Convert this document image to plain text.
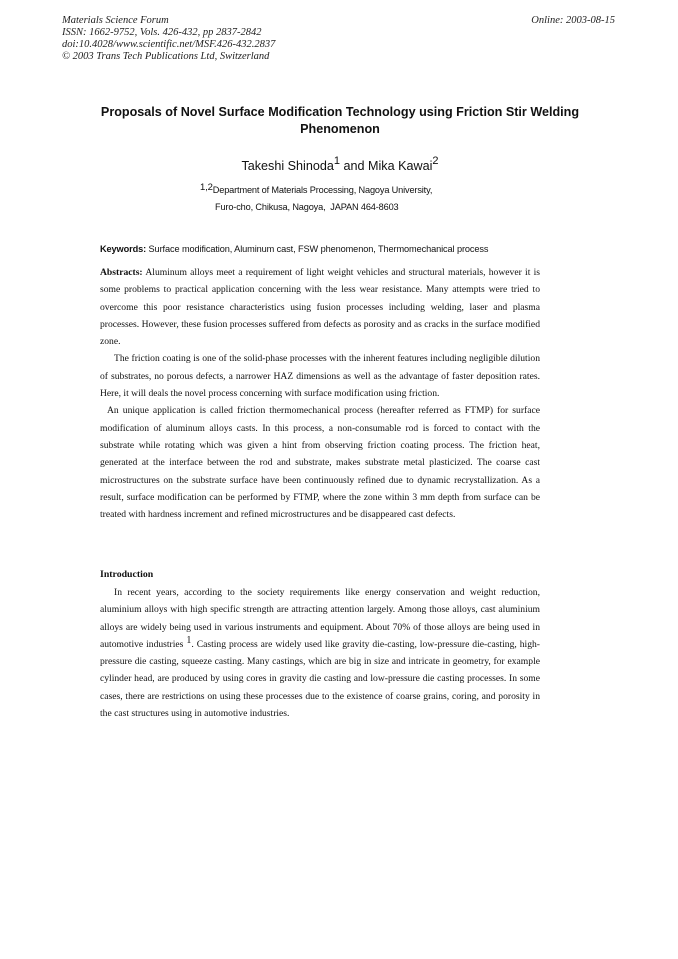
Materials Science Forum
ISSN: 1662-9752, Vols. 426-432, pp 2837-2842
doi:10.4028/www.scientific.net/MSF.426-432.2837
© 2003 Trans Tech Publications Ltd, Switzerland
Online: 2003-08-15
Proposals of Novel Surface Modification Technology using Friction Stir Welding Phenomenon
Takeshi Shinoda$^1$ and Mika Kawai$^2$
$^{1,2}$Department of Materials Processing, Nagoya University,
Furo-cho, Chikusa, Nagoya,  JAPAN 464-8603
Keywords: Surface modification, Aluminum cast, FSW phenomenon, Thermomechanical process

Abstracts: Aluminum alloys meet a requirement of light weight vehicles and structural materials, however it is some problems to practical application concerning with the less wear resistance. Many attempts were tried to overcome this poor resistance characteristics using fusion processes including welding, laser and plasma processes. However, these fusion processes suffered from defects as porosity and as cracks in the surface modified zone.

The friction coating is one of the solid-phase processes with the inherent features including negligible dilution of substrates, no porous defects, a narrower HAZ dimensions as well as the advantage of faster deposition rates. Here, it will deals the novel process concerning with surface modification using friction.

An unique application is called friction thermomechanical process (hereafter referred as FTMP) for surface modification of aluminum alloys casts. In this process, a non-consumable rod is forced to contact with the substrate while rotating which was given a hint from observing friction coating process. The friction heat, generated at the interface between the rod and substrate, makes substrate metal plasticized. The coarse cast microstructures on the substrate surface have been continuously refined due to dynamic recrystallization. As a result, surface modification can be performed by FTMP, where the zone within 3 mm depth from surface can be treated with hardness increment and refined microstructures and be disappeared cast defects.

Introduction

In recent years, according to the society requirements like energy conservation and weight reduction, aluminium alloys with high specific strength are attracting attention largely. Among those alloys, cast aluminium alloys are widely being used in various instruments and equipment. About 70% of those alloys are being used in automotive industries $^1$. Casting process are widely used like gravity die-casting, low-pressure die-casting, high-pressure die casting, squeeze casting. Many castings, which are big in size and intricate in geometry, for example cylinder head, are produced by using cores in gravity die casting and low-pressure die casting processes. In some cases, there are restrictions on using these processes due to the existence of coarse grains, coring, and porosity in the cast structures using in automotive industries.
